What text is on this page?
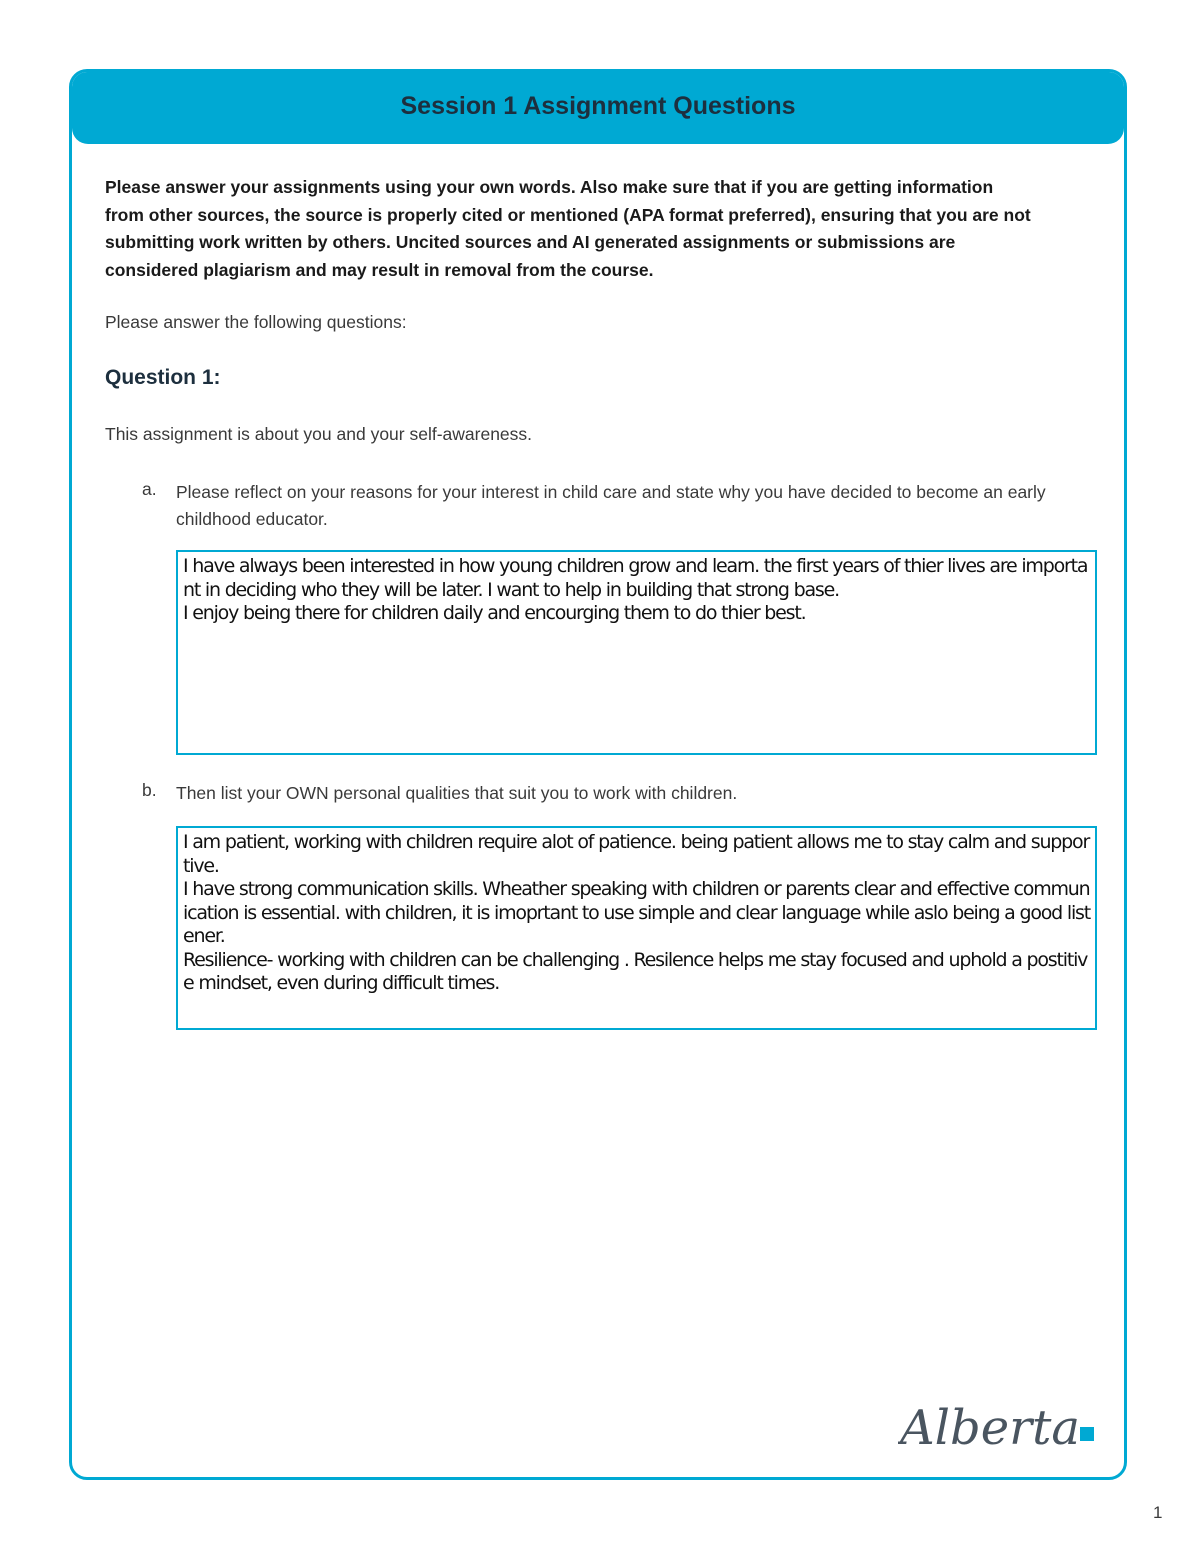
Session 1 Assignment Questions

Please answer your assignments using your own words. Also make sure that if you are getting information from other sources, the source is properly cited or mentioned (APA format preferred), ensuring that you are not submitting work written by others. Uncited sources and AI generated assignments or submissions are considered plagiarism and may result in removal from the course.

Please answer the following questions:

Question 1:

This assignment is about you and your self-awareness.

a. Please reflect on your reasons for your interest in child care and state why you have decided to become an early childhood educator.

I have always been interested in how young children grow and learn. the first years of thier lives are important in deciding who they will be later. I want to help in building that strong base.
I enjoy being there for children daily and encourging them to do thier best.
b. Then list your OWN personal qualities that suit you to work with children.

I am patient, working with children require alot of patience. being patient allows me to stay calm and supportive.
I have strong communication skills. Wheather speaking with children or parents clear and effective communication is essential. with children, it is imoprtant to use simple and clear language while aslo being a good listener.
Resilience- working with children can be challenging . Resilence helps me stay focused and uphold a postitive mindset, even during difficult times.
Alberta
1
